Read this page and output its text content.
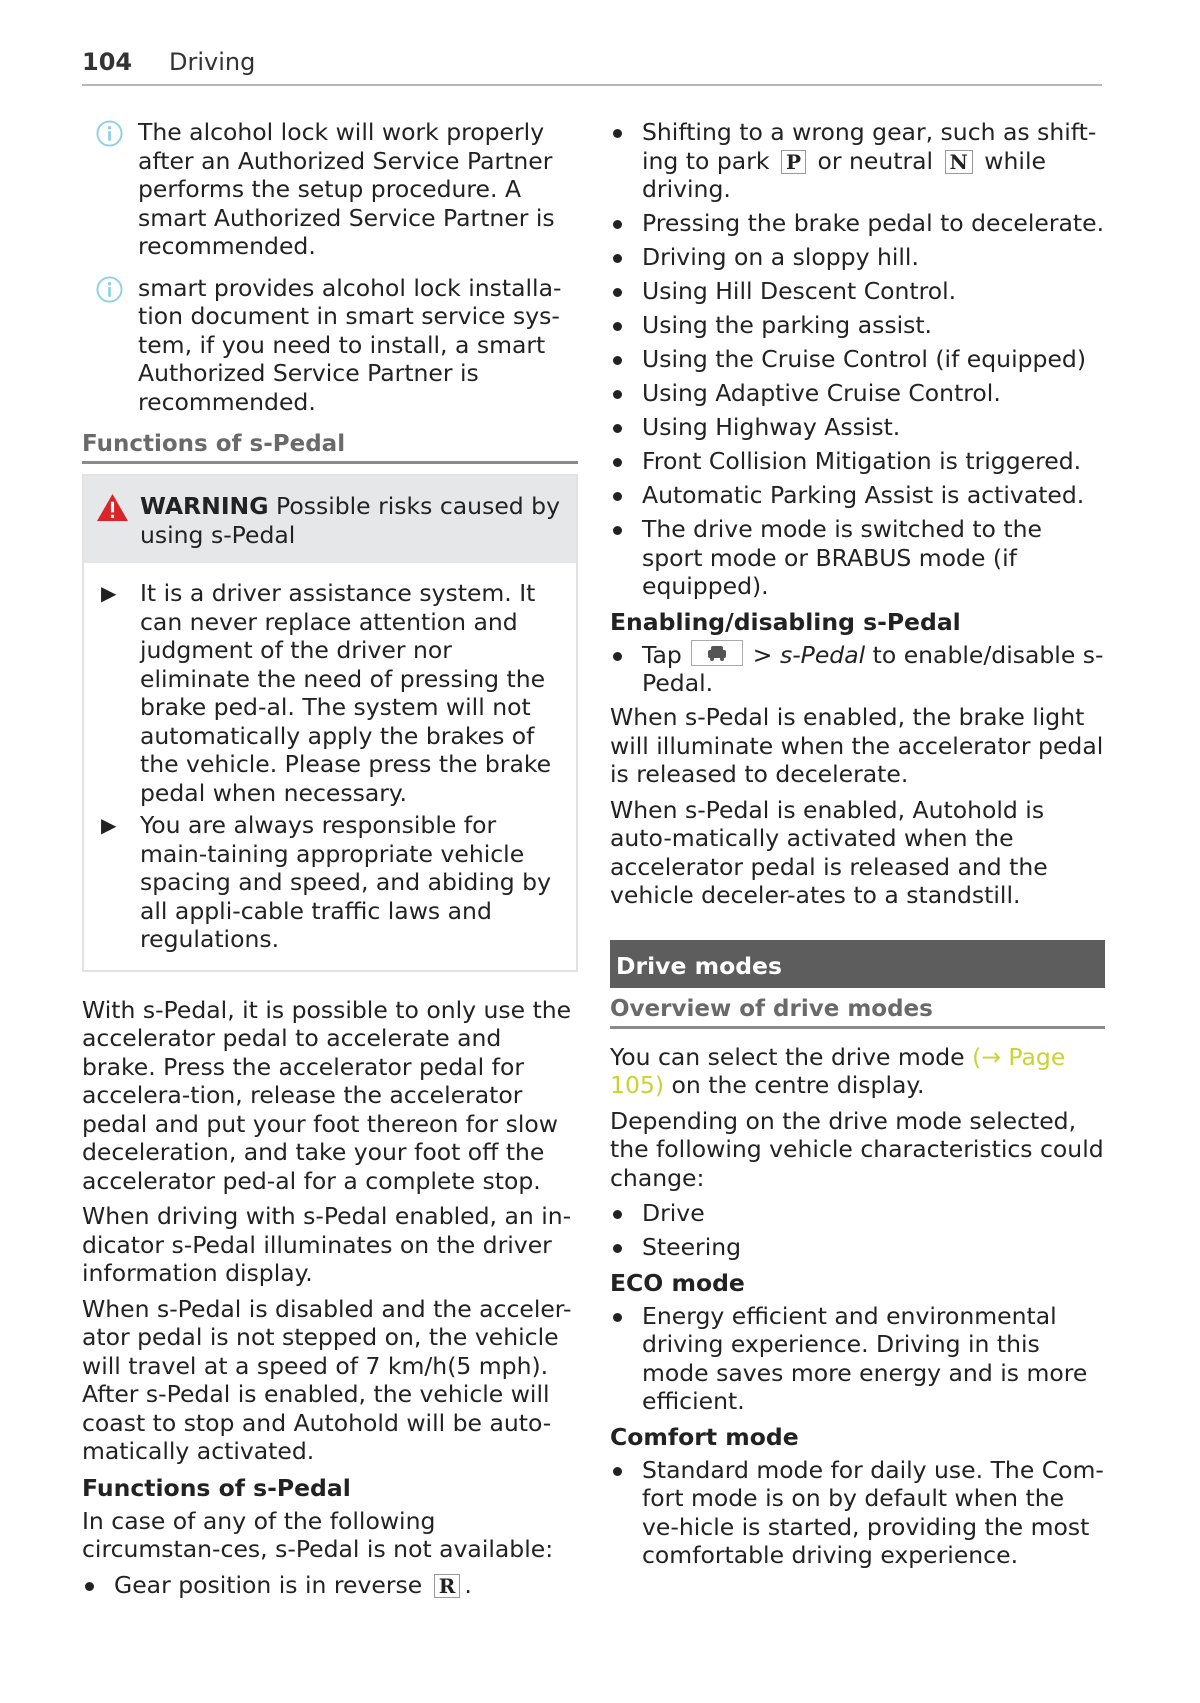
104 Driving
The alcohol lock will work properly after an Authorized Service Partner performs the setup procedure. A smart Authorized Service Partner is recommended.
smart provides alcohol lock installa-tion document in smart service sys-tem, if you need to install, a smart Authorized Service Partner is recommended.
Functions of s-Pedal
WARNING Possible risks caused by using s-Pedal
▶ It is a driver assistance system. It can never replace attention and judgment of the driver nor eliminate the need of pressing the brake ped-al. The system will not automatically apply the brakes of the vehicle. Please press the brake pedal when necessary.
▶ You are always responsible for main-taining appropriate vehicle spacing and speed, and abiding by all appli-cable traffic laws and regulations.

With s-Pedal, it is possible to only use the accelerator pedal to accelerate and brake. Press the accelerator pedal for accelera-tion, release the accelerator pedal and put your foot thereon for slow deceleration, and take your foot off the accelerator ped-al for a complete stop.

When driving with s-Pedal enabled, an in-dicator s-Pedal illuminates on the driver information display.

When s-Pedal is disabled and the acceler-ator pedal is not stepped on, the vehicle will travel at a speed of 7 km/h(5 mph). After s-Pedal is enabled, the vehicle will coast to stop and Autohold will be auto-matically activated.

Functions of s-Pedal

In case of any of the following circumstan-ces, s-Pedal is not available:

Gear position is in reverse R .
Shifting to a wrong gear, such as shift-ing to park P or neutral N while driving.
Pressing the brake pedal to decelerate.
Driving on a sloppy hill.
Using Hill Descent Control.
Using the parking assist.
Using the Cruise Control (if equipped)
Using Adaptive Cruise Control.
Using Highway Assist.
Front Collision Mitigation is triggered.
Automatic Parking Assist is activated.
The drive mode is switched to the sport mode or BRABUS mode (if equipped).
Enabling/disabling s-Pedal
Tap	> s-Pedal to enable/disable s-Pedal.

When s-Pedal is enabled, the brake light will illuminate when the accelerator pedal is released to decelerate.

When s-Pedal is enabled, Autohold is auto-matically activated when the accelerator pedal is released and the vehicle deceler-ates to a standstill.

Drive modes
Overview of drive modes

You can select the drive mode (→ Page 105) on the centre display.

Depending on the drive mode selected, the following vehicle characteristics could change:

Drive
Steering
ECO mode
Energy efficient and environmental driving experience. Driving in this mode saves more energy and is more efficient.
Comfort mode
Standard mode for daily use. The Com-fort mode is on by default when the ve-hicle is started, providing the most comfortable driving experience.
